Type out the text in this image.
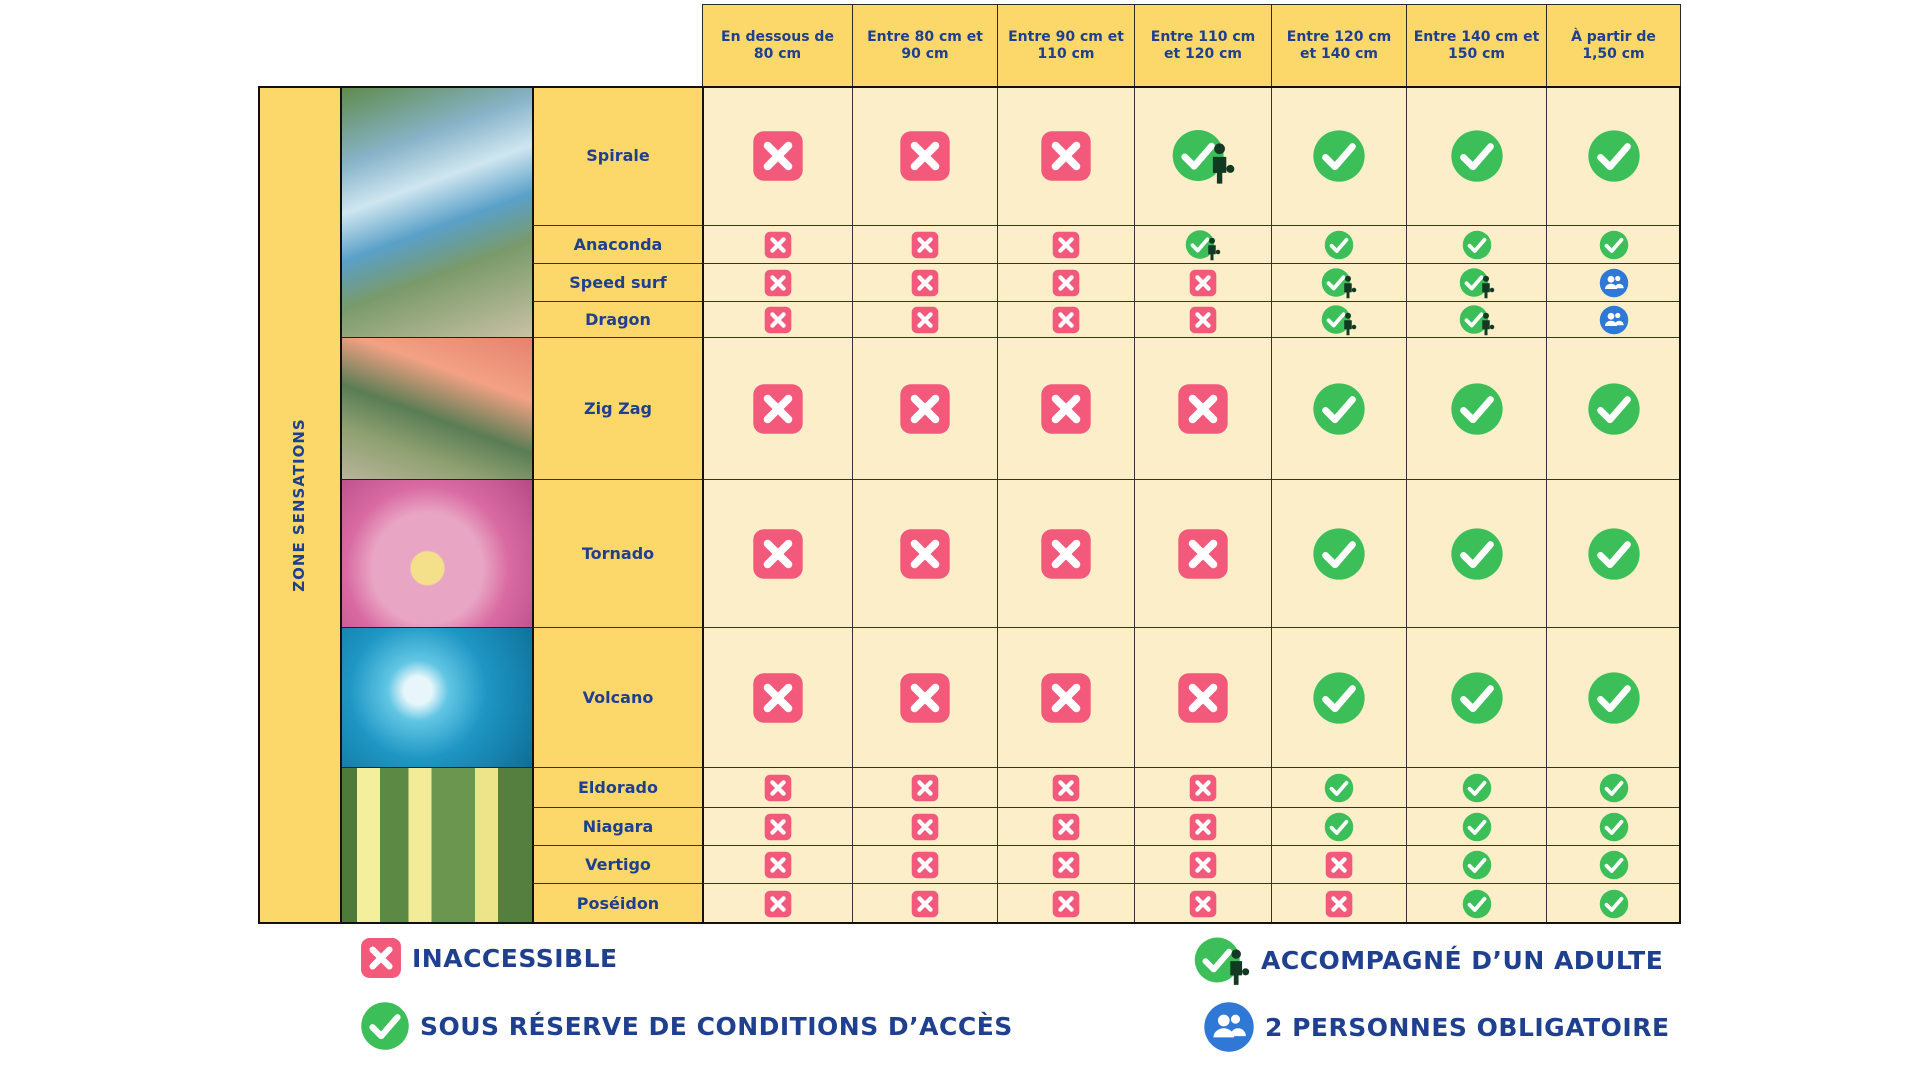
ZONE SENSATIONS
En dessous de 80 cm
Entre 80 cm et 90 cm
Entre 90 cm et 110 cm
Entre 110 cm et 120 cm
Entre 120 cm et 140 cm
Entre 140 cm et 150 cm
À partir de 1,50 cm
Spirale
Anaconda
Speed surf
Dragon
Zig Zag
Tornado
Volcano
Eldorado
Niagara
Vertigo
Poséidon
INACCESSIBLE
SOUS RÉSERVE DE CONDITIONS D’ACCÈS
ACCOMPAGNÉ D’UN ADULTE
2 PERSONNES OBLIGATOIRE
